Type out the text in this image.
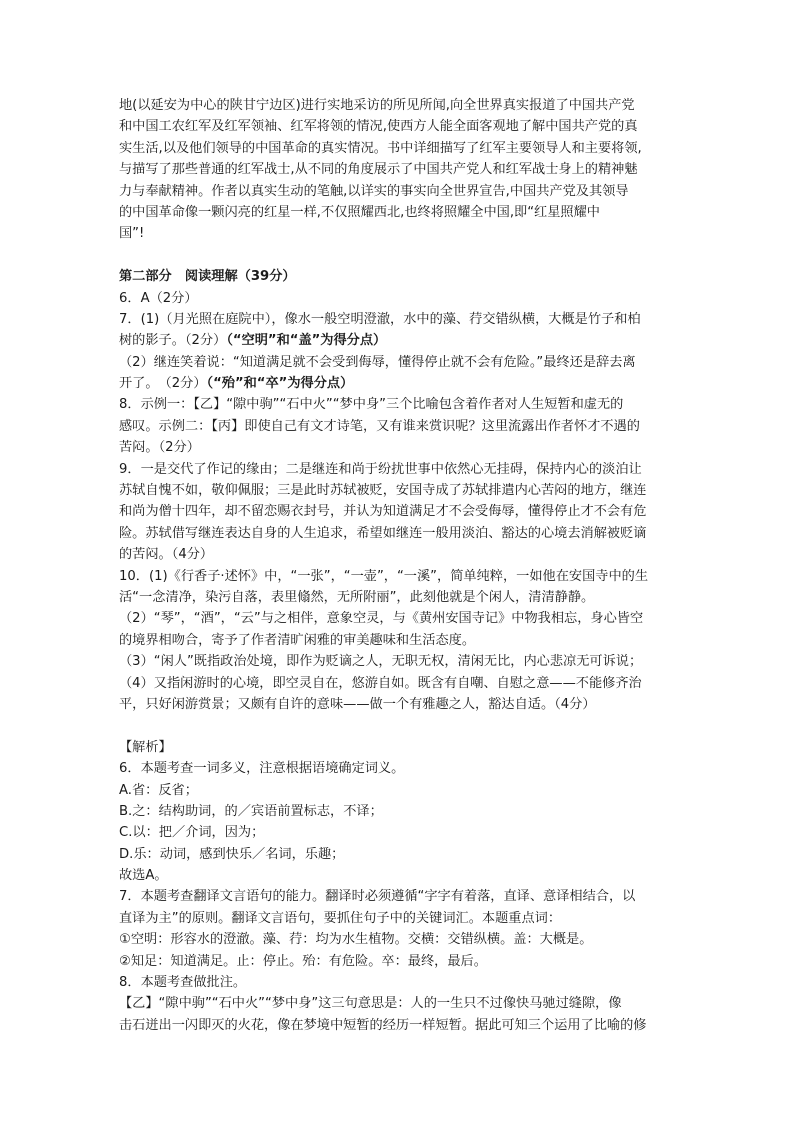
地(以延安为中心的陕甘宁边区)进行实地采访的所见所闻,向全世界真实报道了中国共产党
和中国工农红军及红军领袖、红军将领的情况,使西方人能全面客观地了解中国共产党的真
实生活,以及他们领导的中国革命的真实情况。书中详细描写了红军主要领导人和主要将领,
与描写了那些普通的红军战士,从不同的角度展示了中国共产党人和红军战士身上的精神魅
力与奉献精神。作者以真实生动的笔触,以详实的事实向全世界宣告,中国共产党及其领导
的中国革命像一颗闪亮的红星一样,不仅照耀西北,也终将照耀全中国,即“红星照耀中
国”!
第二部分　阅读理解（39分）
6．A（2分）
7．(1)（月光照在庭院中），像水一般空明澄澈，水中的藻、荇交错纵横，大概是竹子和柏
树的影子。（2分）（“空明”和“盖”为得分点）
（2）继连笑着说：“知道满足就不会受到侮辱，懂得停止就不会有危险。”最终还是辞去离
开了。　（2分）（“殆”和“卒”为得分点）
8．示例一：【乙】“隙中驹”“石中火”“梦中身”三个比喻包含着作者对人生短暂和虚无的
感叹。示例二：【丙】即使自己有文才诗笔，又有谁来赏识呢？这里流露出作者怀才不遇的
苦闷。（2分）
9．一是交代了作记的缘由；二是继连和尚于纷扰世事中依然心无挂碍，保持内心的淡泊让
苏轼自愧不如，敬仰佩服；三是此时苏轼被贬，安国寺成了苏轼排遣内心苦闷的地方，继连
和尚为僧十四年，却不留恋赐衣封号，并认为知道满足才不会受侮辱，懂得停止才不会有危
险。苏轼借写继连表达自身的人生追求，希望如继连一般用淡泊、豁达的心境去消解被贬谪
的苦闷。（4分）
10．(1)《行香子·述怀》中，“一张”，“一壶”，“一溪”，简单纯粹，一如他在安国寺中的生
活“一念清净，染污自落，表里翛然，无所附丽”，此刻他就是个闲人，清清静静。
（2）“琴”，“酒”，“云”与之相伴，意象空灵，与《黄州安国寺记》中物我相忘，身心皆空
的境界相吻合，寄予了作者清旷闲雅的审美趣味和生活态度。
（3）“闲人”既指政治处境，即作为贬谪之人，无职无权，清闲无比，内心悲凉无可诉说；
（4）又指闲游时的心境，即空灵自在，悠游自如。既含有自嘲、自慰之意——不能修齐治
平，只好闲游赏景；又颇有自许的意味——做一个有雅趣之人，豁达自适。（4分）
【解析】
6．本题考查一词多义，注意根据语境确定词义。
A.省：反省；
B.之：结构助词，的／宾语前置标志，不译；
C.以：把／介词，因为；
D.乐：动词，感到快乐／名词，乐趣；
故选A。
7．本题考查翻译文言语句的能力。翻译时必须遵循“字字有着落，直译、意译相结合，以
直译为主”的原则。翻译文言语句，要抓住句子中的关键词汇。本题重点词：
①空明：形容水的澄澈。藻、荇：均为水生植物。交横：交错纵横。盖：大概是。
②知足：知道满足。止：停止。殆：有危险。卒：最终，最后。
8．本题考查做批注。
【乙】“隙中驹”“石中火”“梦中身”这三句意思是：人的一生只不过像快马驰过缝隙，像
击石迸出一闪即灭的火花，像在梦境中短暂的经历一样短暂。据此可知三个运用了比喻的修
